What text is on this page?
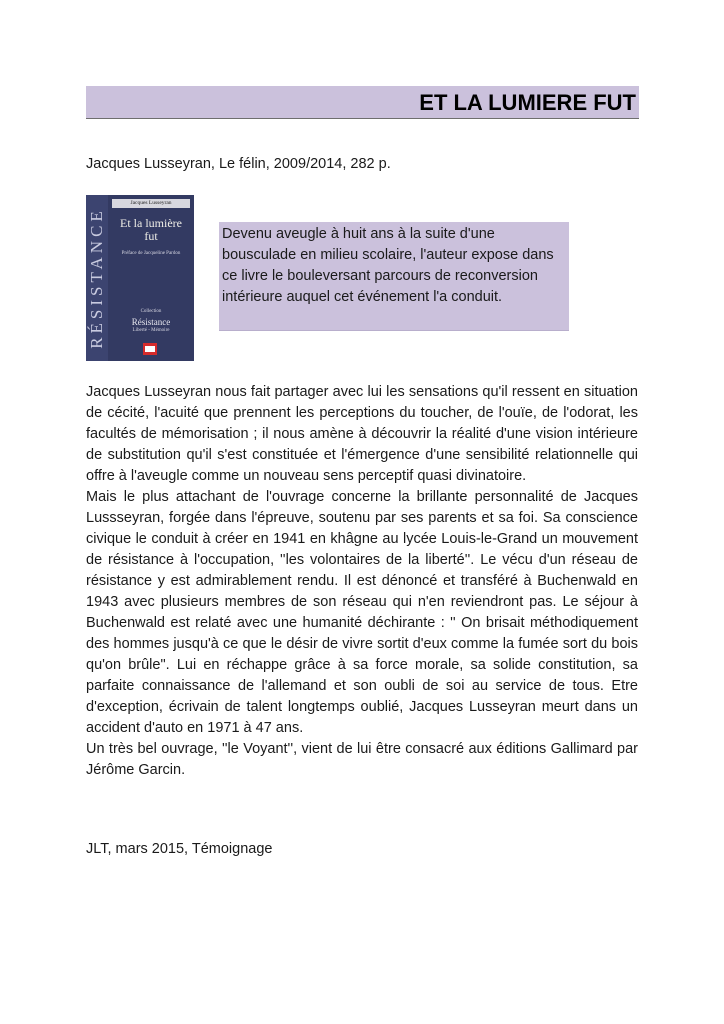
ET LA LUMIERE FUT
Jacques Lusseyran, Le félin, 2009/2014, 282 p.
RÉSISTANCE
Jacques Lusseyran
Et la lumière fut
Préface de Jacqueline Pardon
Collection
Résistance
Liberté - Mémoire
Devenu aveugle à huit ans à la suite d'une bousculade en milieu scolaire, l'auteur expose dans ce livre le bouleversant parcours de reconversion intérieure auquel cet événement l'a conduit.

Jacques Lusseyran nous fait partager avec lui les sensations qu'il ressent en situation de cécité, l'acuité que prennent les perceptions du toucher, de l'ouïe, de l'odorat, les facultés de mémorisation ; il nous amène à découvrir la réalité d'une vision intérieure de substitution qu'il s'est constituée et l'émergence d'une sensibilité relationnelle qui offre à l'aveugle comme un nouveau sens perceptif quasi divinatoire.

Mais le plus attachant de l'ouvrage concerne la brillante personnalité de Jacques Lussseyran, forgée dans l'épreuve, soutenu par ses parents et sa foi. Sa conscience civique le conduit à créer en 1941 en khâgne au lycée Louis-le-Grand un mouvement de résistance à l'occupation, ''les volontaires de la liberté''. Le vécu d'un réseau de résistance y est admirablement rendu. Il est dénoncé et transféré à Buchenwald en 1943 avec plusieurs membres de son réseau qui n'en reviendront pas. Le séjour à Buchenwald est relaté avec une humanité déchirante : '' On brisait méthodiquement des hommes jusqu'à ce que le désir de vivre sortit d'eux comme la fumée sort du bois qu'on brûle". Lui en réchappe grâce à sa force morale, sa solide constitution, sa parfaite connaissance de l'allemand et son oubli de soi au service de tous. Etre d'exception, écrivain de talent longtemps oublié, Jacques Lusseyran meurt dans un accident d'auto en 1971 à 47 ans.

Un très bel ouvrage, ''le Voyant'', vient de lui être consacré aux éditions Gallimard par Jérôme Garcin.

JLT, mars 2015, Témoignage
